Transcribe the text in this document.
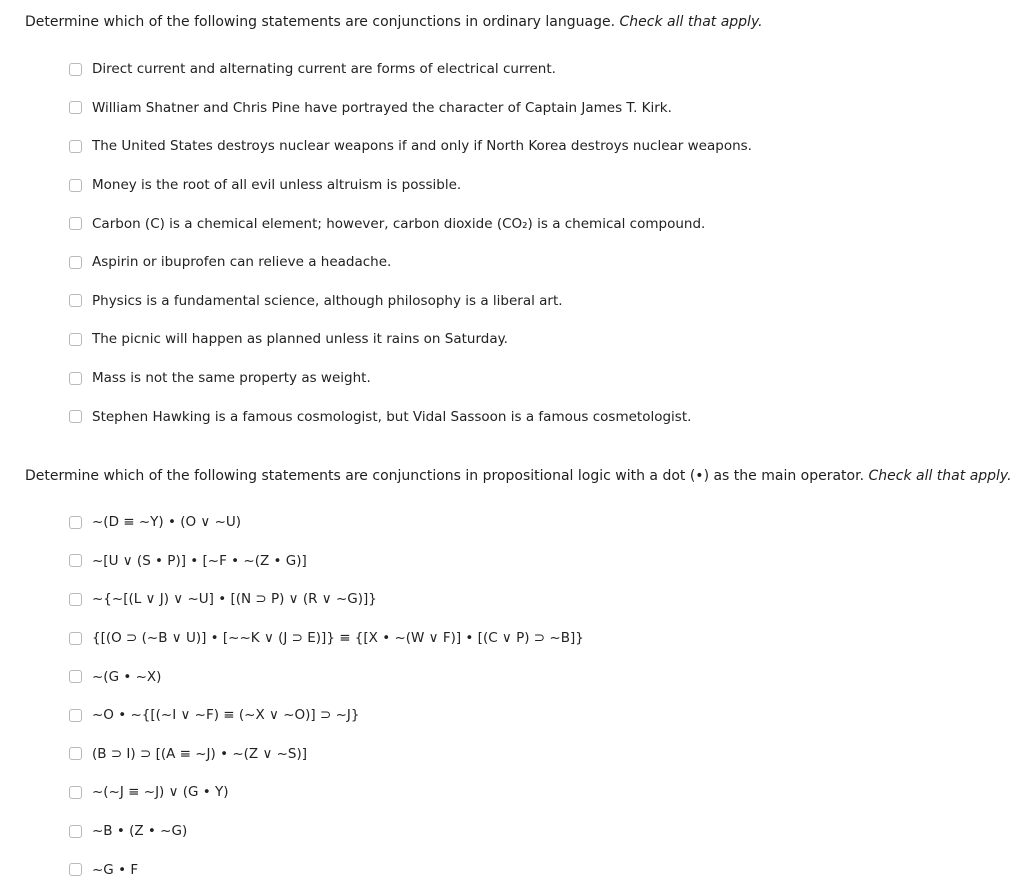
Determine which of the following statements are conjunctions in ordinary language. Check all that apply.

Direct current and alternating current are forms of electrical current.
William Shatner and Chris Pine have portrayed the character of Captain James T. Kirk.
The United States destroys nuclear weapons if and only if North Korea destroys nuclear weapons.
Money is the root of all evil unless altruism is possible.
Carbon (C) is a chemical element; however, carbon dioxide (CO₂) is a chemical compound.
Aspirin or ibuprofen can relieve a headache.
Physics is a fundamental science, although philosophy is a liberal art.
The picnic will happen as planned unless it rains on Saturday.
Mass is not the same property as weight.
Stephen Hawking is a famous cosmologist, but Vidal Sassoon is a famous cosmetologist.

Determine which of the following statements are conjunctions in propositional logic with a dot (•) as the main operator. Check all that apply.

~(D ≡ ~Y) • (O ∨ ~U)
~[U ∨ (S • P)] • [~F • ~(Z • G)]
~{~[(L ∨ J) ∨ ~U] • [(N ⊃ P) ∨ (R ∨ ~G)]}
{[(O ⊃ (~B ∨ U)] • [~~K ∨ (J ⊃ E)]} ≡ {[X • ~(W ∨ F)] • [(C ∨ P) ⊃ ~B]}
~(G • ~X)
~O • ~{[(~I ∨ ~F) ≡ (~X ∨ ~O)] ⊃ ~J}
(B ⊃ I) ⊃ [(A ≡ ~J) • ~(Z ∨ ~S)]
~(~J ≡ ~J) ∨ (G • Y)
~B • (Z • ~G)
~G • F
